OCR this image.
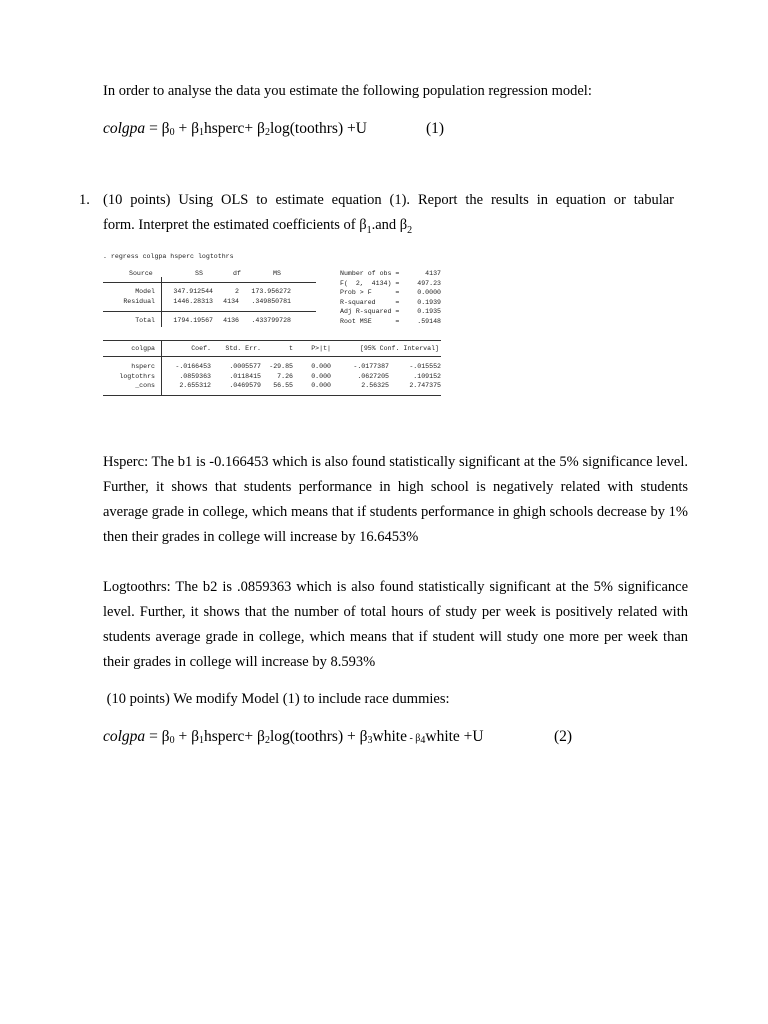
In order to analyse the data you estimate the following population regression model:
colgpa = $\beta_0$ + $\beta_1hsperc+$ $\beta_2\log(toothrs) +U$	(1)
1. (10 points) Using OLS to estimate equation (1). Report the results in equation or tabular
form. Interpret the estimated coefficients of $\beta_1.and$ $\beta_2$
. regress colgpa hsperc logtothrs
Source	SS	df	MS
Model	347.912544	2	173.956272
Residual	1446.28313	4134	.349850781
Total	1794.19567	4136	.433799728
Number of obs =	4137
F(  2,  4134) =	497.23
Prob > F      =	0.0000
R-squared     =	0.1939
Adj R-squared =	0.1935
Root MSE      =	.59148
colgpa	Coef.	Std. Err.	t	P>|t|	[95% Conf. Interval]
hsperc	-.0166453	.0005577	-29.85	0.000	-.0177387	-.015552
logtothrs	.0859363	.0118415	7.26	0.000	.0627205	.109152
_cons	2.655312	.0469579	56.55	0.000	2.56325	2.747375
Hsperc: The b1 is -0.166453 which is also found statistically significant at the 5% significance level. Further, it shows that students performance in high school is negatively related with students average grade in college, which means that if students performance in ghigh schools decrease by 1% then their grades in college will increase by 16.6453%
Logtoothrs: The b2 is .0859363 which is also found statistically significant at the 5% significance level. Further, it shows that the number of total hours of study per week is positively related with students average grade in college, which means that if student will study one more per week than their grades in college will increase by 8.593%
(10 points) We modify Model (1) to include race dummies:
colgpa = $\beta_0$ + $\beta_1hsperc+$ $\beta_2\log(toothrs)$ + $\beta_3white$ - $\beta_4white +U$	(2)
